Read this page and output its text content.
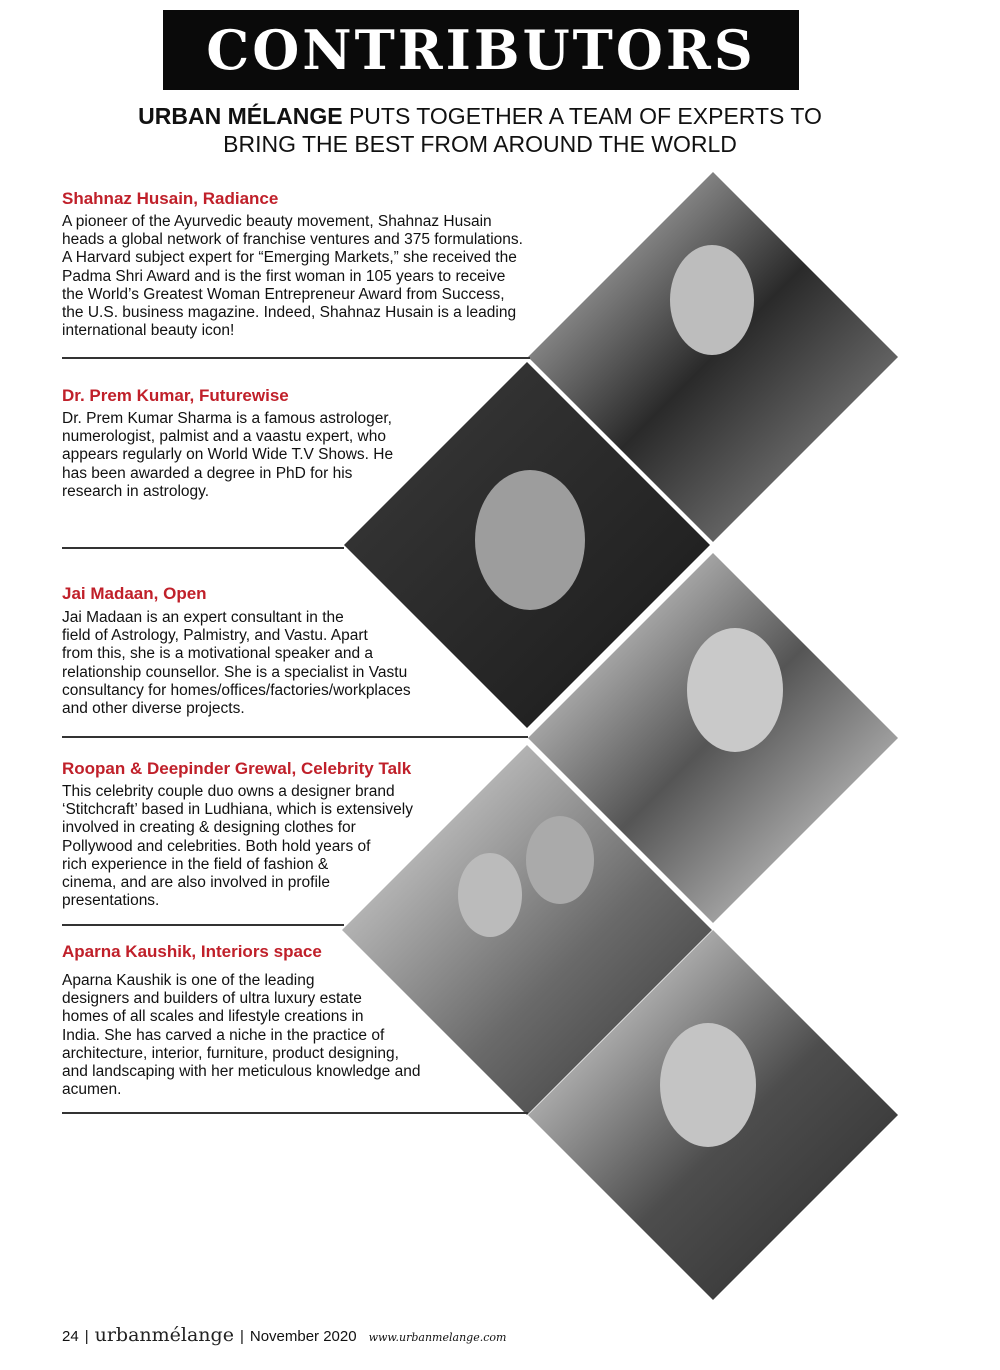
CONTRIBUTORS
URBAN MÉLANGE PUTS TOGETHER A TEAM OF EXPERTS TO
BRING THE BEST FROM AROUND THE WORLD
Shahnaz Husain, Radiance
A pioneer of the Ayurvedic beauty movement, Shahnaz Husain
heads a global network of franchise ventures and 375 formulations.
A Harvard subject expert for “Emerging Markets,” she received the
Padma Shri Award and is the first woman in 105 years to receive
the World’s Greatest Woman Entrepreneur Award from Success,
the U.S. business magazine. Indeed, Shahnaz Husain is a leading
international beauty icon!
Dr. Prem Kumar, Futurewise
Dr. Prem Kumar Sharma is a famous astrologer,
numerologist, palmist and a vaastu expert, who
appears regularly on World Wide T.V Shows. He
has been awarded a degree in PhD for his
research in astrology.
Jai Madaan, Open
Jai Madaan is an expert consultant in the
field of Astrology, Palmistry, and Vastu. Apart
from this, she is a motivational speaker and a
relationship counsellor. She is a specialist in Vastu
consultancy for homes/offices/factories/workplaces
and other diverse projects.
Roopan & Deepinder Grewal, Celebrity Talk
This celebrity couple duo owns a designer brand
‘Stitchcraft’ based in Ludhiana, which is extensively
involved in creating & designing clothes for
Pollywood and celebrities. Both hold years of
rich experience in the field of fashion &
cinema, and are also involved in profile
presentations.
Aparna Kaushik, Interiors space
Aparna Kaushik is one of the leading
designers and builders of ultra luxury estate
homes of all scales and lifestyle creations in
India. She has carved a niche in the practice of
architecture, interior, furniture, product designing,
and landscaping with her meticulous knowledge and
acumen.
24 | urbanmélange | November 2020 www.urbanmelange.com
